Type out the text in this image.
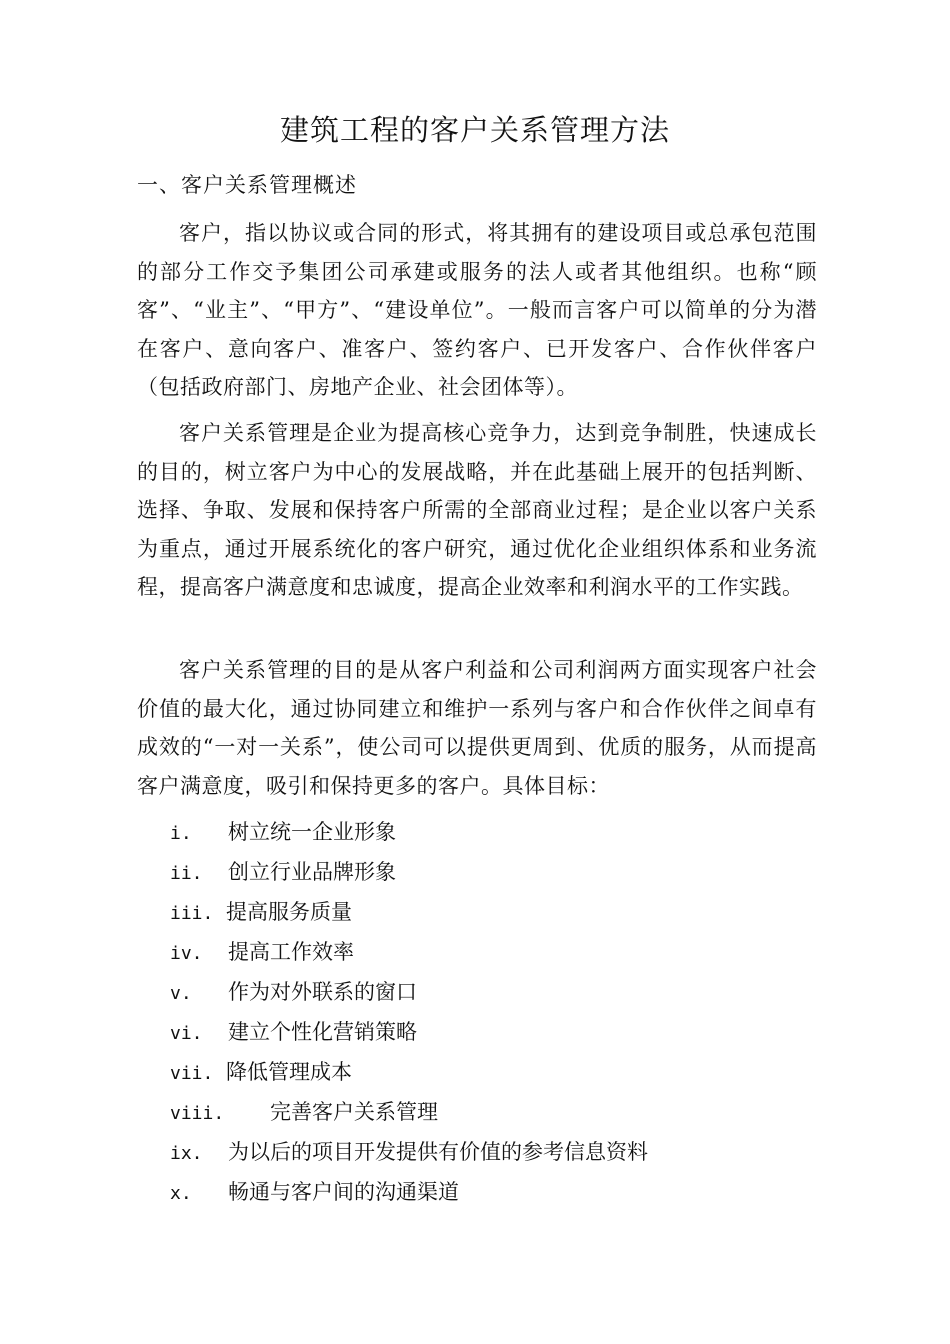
建筑工程的客户关系管理方法
一、客户关系管理概述

客户，指以协议或合同的形式，将其拥有的建设项目或总承包范围的部分工作交予集团公司承建或服务的法人或者其他组织。也称“顾客”、“业主”、“甲方”、“建设单位”。一般而言客户可以简单的分为潜在客户、意向客户、准客户、签约客户、已开发客户、合作伙伴客户（包括政府部门、房地产企业、社会团体等）。

客户关系管理是企业为提高核心竞争力，达到竞争制胜，快速成长的目的，树立客户为中心的发展战略，并在此基础上展开的包括判断、选择、争取、发展和保持客户所需的全部商业过程；是企业以客户关系为重点，通过开展系统化的客户研究，通过优化企业组织体系和业务流程，提高客户满意度和忠诚度，提高企业效率和利润水平的工作实践。

客户关系管理的目的是从客户利益和公司利润两方面实现客户社会价值的最大化，通过协同建立和维护一系列与客户和合作伙伴之间卓有成效的“一对一关系”，使公司可以提供更周到、优质的服务，从而提高客户满意度，吸引和保持更多的客户。具体目标：

i. 树立统一企业形象
ii. 创立行业品牌形象
iii. 提高服务质量
iv. 提高工作效率
v. 作为对外联系的窗口
vi. 建立个性化营销策略
vii. 降低管理成本
viii. 完善客户关系管理
ix. 为以后的项目开发提供有价值的参考信息资料
x. 畅通与客户间的沟通渠道
